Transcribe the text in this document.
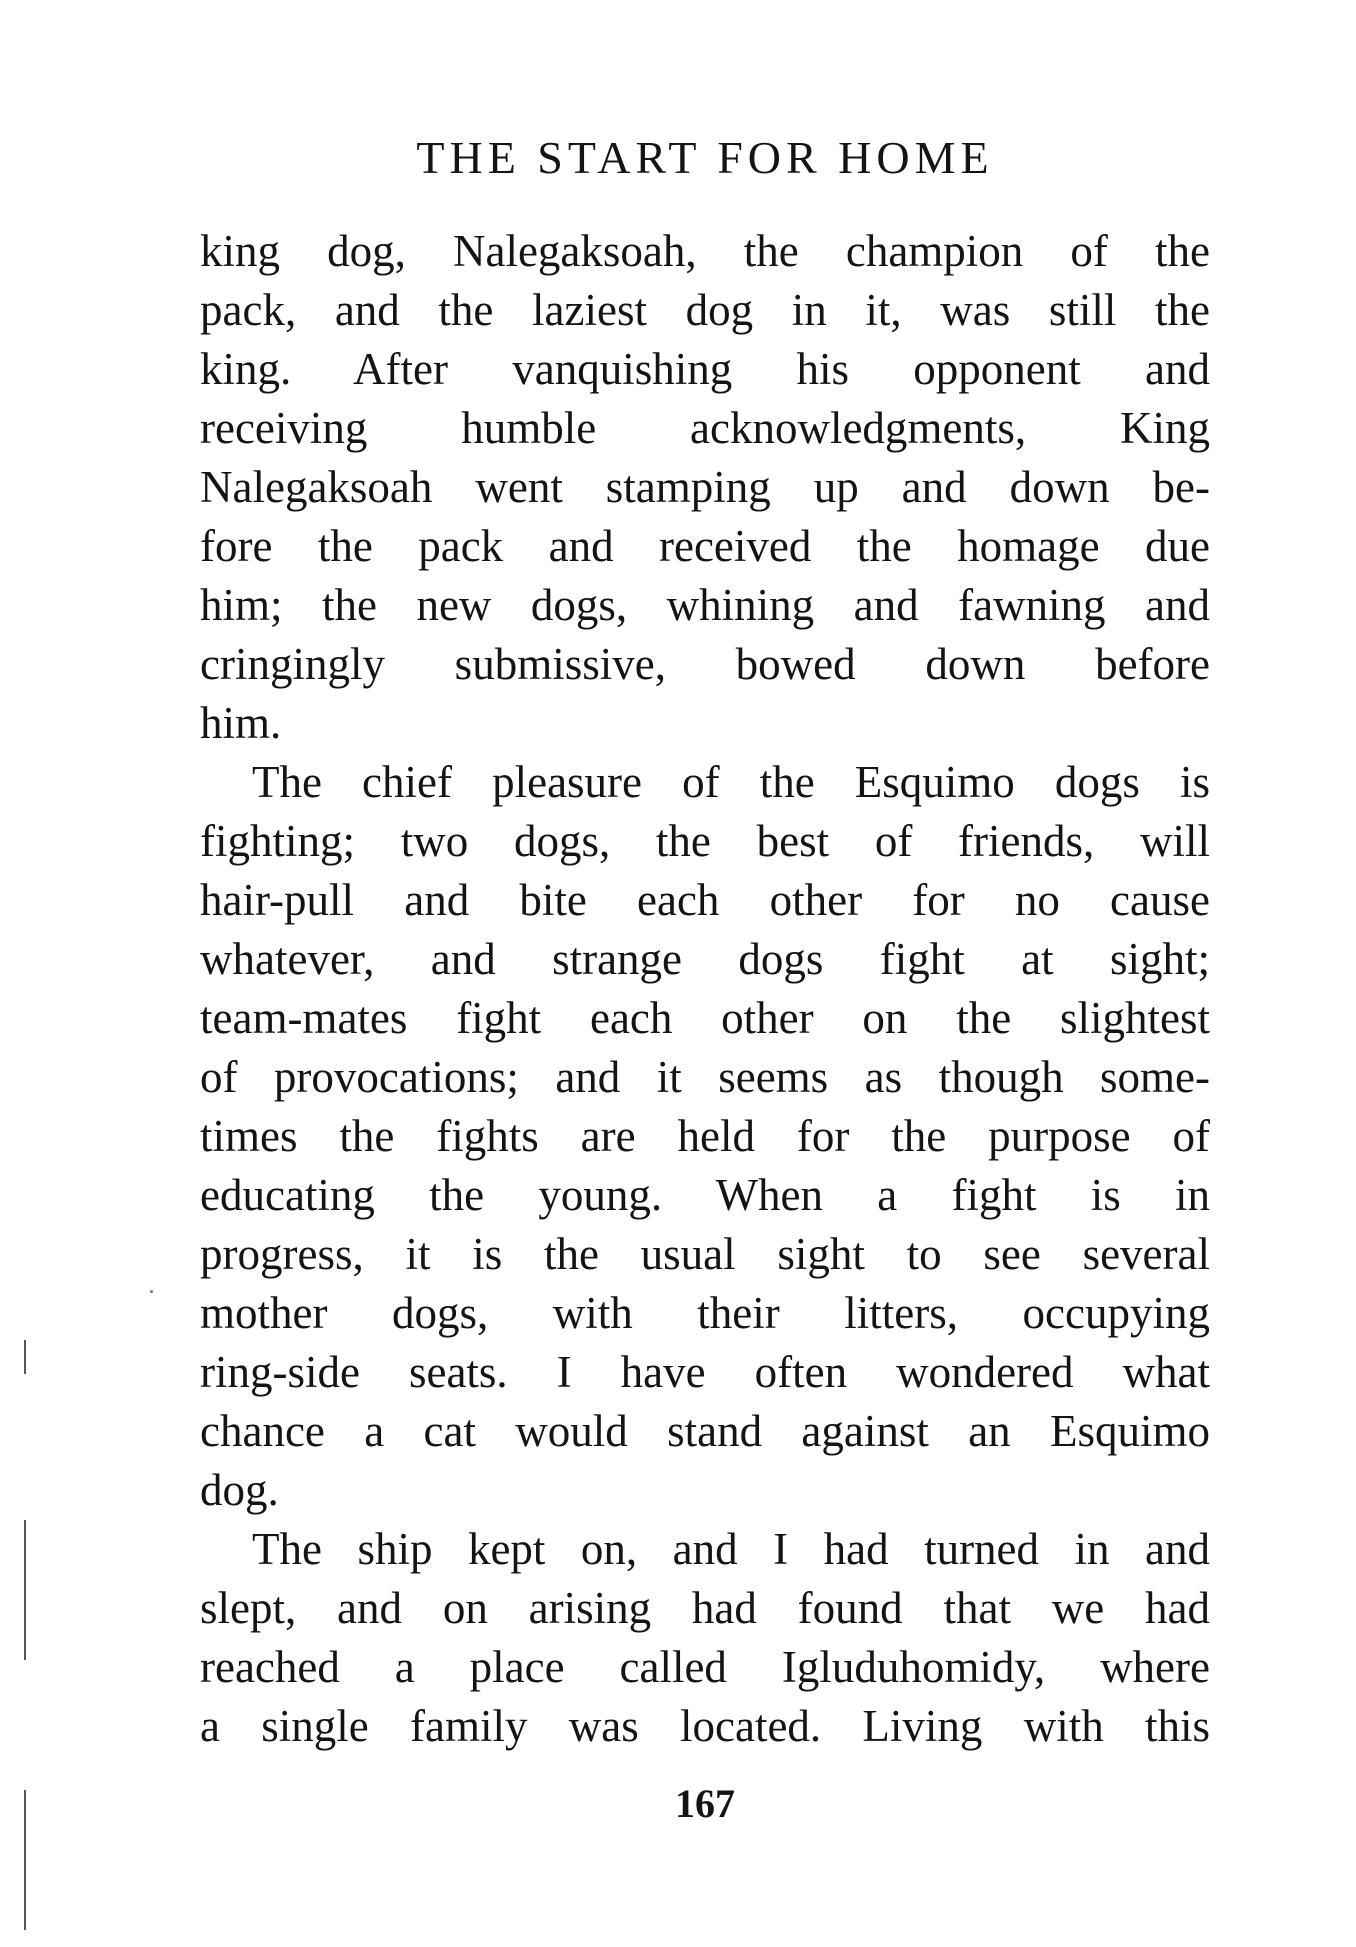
THE START FOR HOME
king dog, Nalegaksoah, the champion of the
pack, and the laziest dog in it, was still the
king. After vanquishing his opponent and
receiving humble acknowledgments, King
Nalegaksoah went stamping up and down be-
fore the pack and received the homage due
him; the new dogs, whining and fawning and
cringingly submissive, bowed down before
him.
The chief pleasure of the Esquimo dogs is
fighting; two dogs, the best of friends, will
hair-pull and bite each other for no cause
whatever, and strange dogs fight at sight;
team-mates fight each other on the slightest
of provocations; and it seems as though some-
times the fights are held for the purpose of
educating the young. When a fight is in
progress, it is the usual sight to see several
mother dogs, with their litters, occupying
ring-side seats. I have often wondered what
chance a cat would stand against an Esquimo
dog.
The ship kept on, and I had turned in and
slept, and on arising had found that we had
reached a place called Igluduhomidy, where
a single family was located. Living with this
167
